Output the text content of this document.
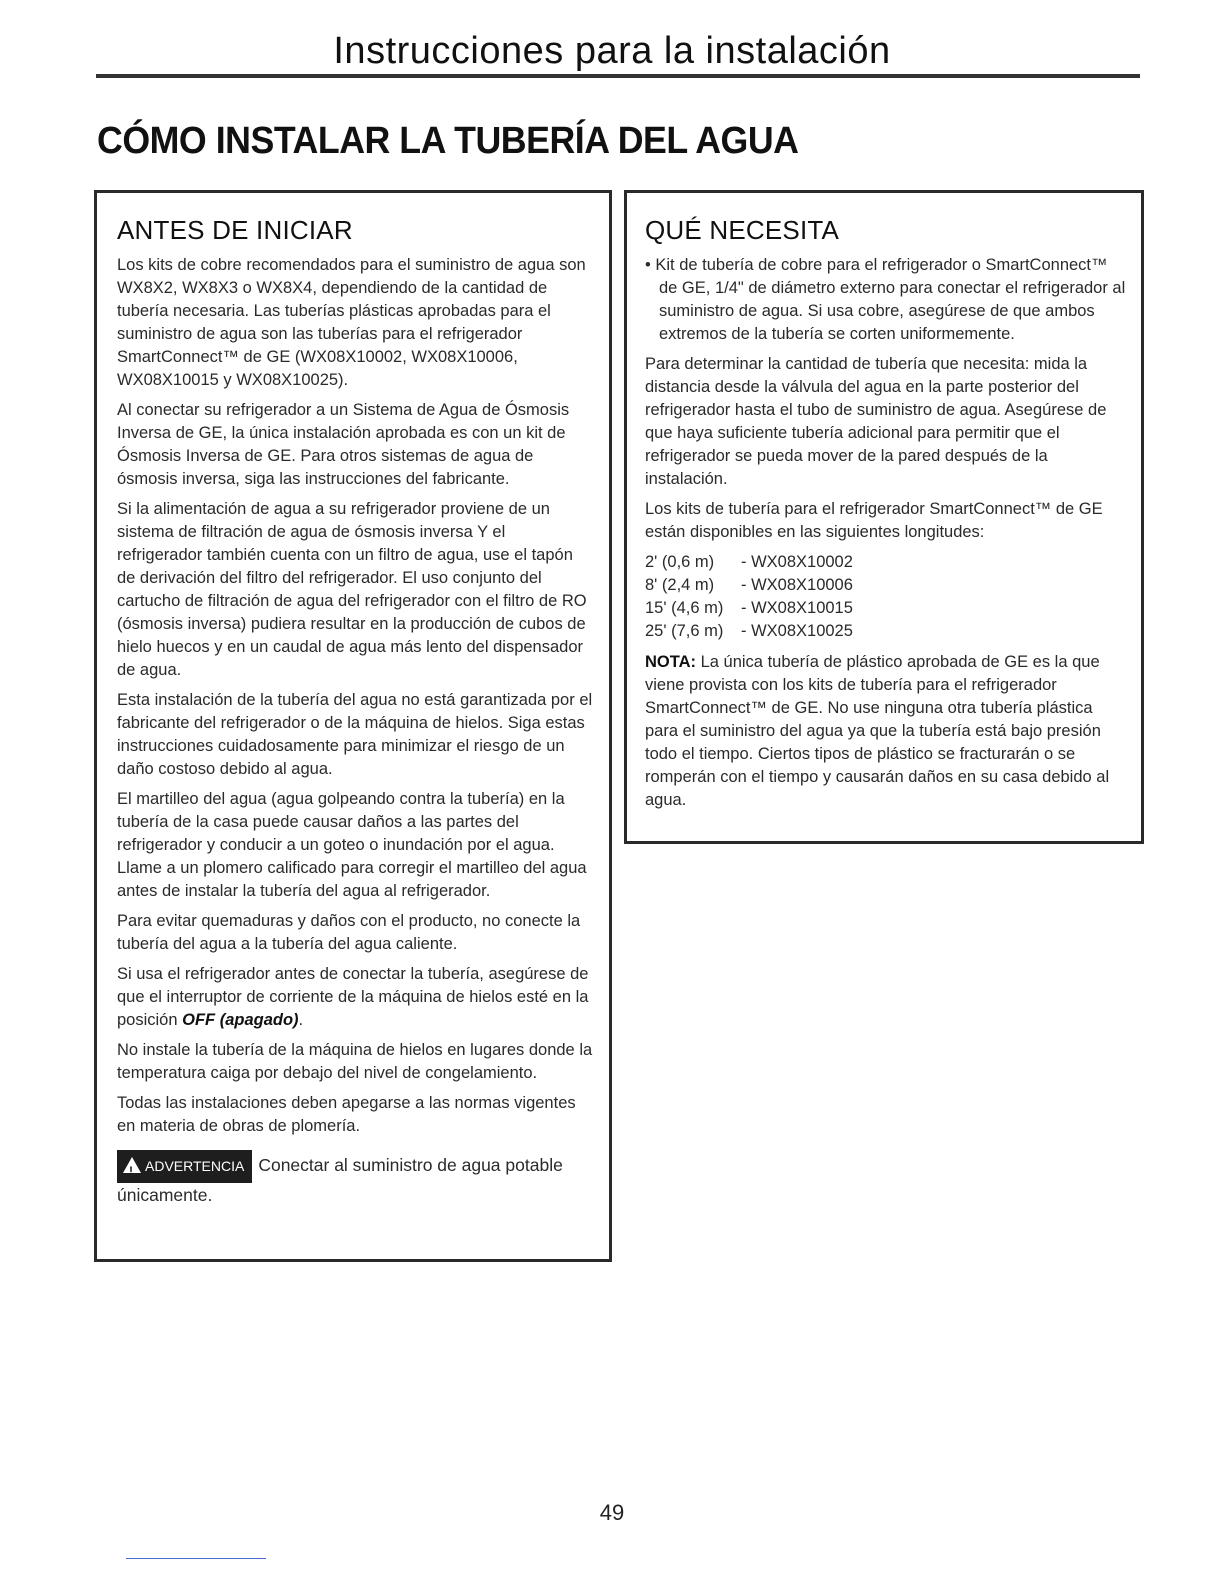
Instrucciones para la instalación
CÓMO INSTALAR LA TUBERÍA DEL AGUA
ANTES DE INICIAR

Los kits de cobre recomendados para el suministro de agua son WX8X2, WX8X3 o WX8X4, dependiendo de la cantidad de tubería necesaria. Las tuberías plásticas aprobadas para el suministro de agua son las tuberías para el refrigerador SmartConnect™ de GE (WX08X10002, WX08X10006, WX08X10015 y WX08X10025).

Al conectar su refrigerador a un Sistema de Agua de Ósmosis Inversa de GE, la única instalación aprobada es con un kit de Ósmosis Inversa de GE. Para otros sistemas de agua de ósmosis inversa, siga las instrucciones del fabricante.

Si la alimentación de agua a su refrigerador proviene de un sistema de filtración de agua de ósmosis inversa Y el refrigerador también cuenta con un filtro de agua, use el tapón de derivación del filtro del refrigerador. El uso conjunto del cartucho de filtración de agua del refrigerador con el filtro de RO (ósmosis inversa) pudiera resultar en la producción de cubos de hielo huecos y en un caudal de agua más lento del dispensador de agua.

Esta instalación de la tubería del agua no está garantizada por el fabricante del refrigerador o de la máquina de hielos. Siga estas instrucciones cuidadosamente para minimizar el riesgo de un daño costoso debido al agua.

El martilleo del agua (agua golpeando contra la tubería) en la tubería de la casa puede causar daños a las partes del refrigerador y conducir a un goteo o inundación por el agua. Llame a un plomero calificado para corregir el martilleo del agua antes de instalar la tubería del agua al refrigerador.

Para evitar quemaduras y daños con el producto, no conecte la tubería del agua a la tubería del agua caliente.

Si usa el refrigerador antes de conectar la tubería, asegúrese de que el interruptor de corriente de la máquina de hielos esté en la posición OFF (apagado).

No instale la tubería de la máquina de hielos en lugares donde la temperatura caiga por debajo del nivel de congelamiento.

Todas las instalaciones deben apegarse a las normas vigentes en materia de obras de plomería.

!ADVERTENCIA Conectar al suministro de agua potable únicamente.
QUÉ NECESITA
• Kit de tubería de cobre para el refrigerador o SmartConnect™ de GE, 1/4" de diámetro externo para conectar el refrigerador al suministro de agua. Si usa cobre, asegúrese de que ambos extremos de la tubería se corten uniformemente.

Para determinar la cantidad de tubería que necesita: mida la distancia desde la válvula del agua en la parte posterior del refrigerador hasta el tubo de suministro de agua. Asegúrese de que haya suficiente tubería adicional para permitir que el refrigerador se pueda mover de la pared después de la instalación.

Los kits de tubería para el refrigerador SmartConnect™ de GE están disponibles en las siguientes longitudes:

2' (0,6 m)	- WX08X10002
8' (2,4 m)	- WX08X10006
15' (4,6 m)	- WX08X10015
25' (7,6 m)	- WX08X10025

NOTA: La única tubería de plástico aprobada de GE es la que viene provista con los kits de tubería para el refrigerador SmartConnect™ de GE. No use ninguna otra tubería plástica para el suministro del agua ya que la tubería está bajo presión todo el tiempo. Ciertos tipos de plástico se fracturarán o se romperán con el tiempo y causarán daños en su casa debido al agua.

49
